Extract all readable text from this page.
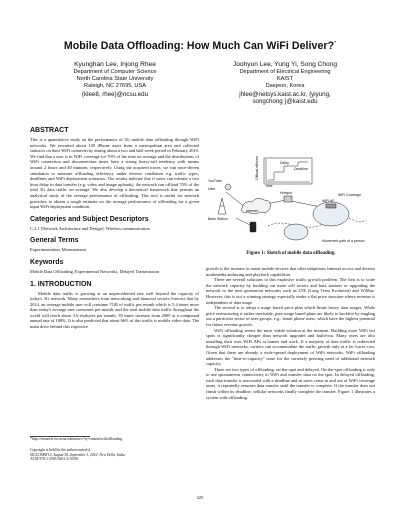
Mobile Data Offloading: How Much Can WiFi Deliver?*
Kyunghan Lee, Injong Rhee
Department of Computer Science
North Carolina State University
Raleigh, NC 27695, USA
{klee8, rhee}@ncsu.edu
Joohyun Lee, Yung Yi, Song Chong
Department of Electrical Engineering
KAIST
Daejeon, Korea
jhlee@netsys.kaist.ac.kr, {yiyung,
songchong }@kaist.edu
ABSTRACT
This is a quantitative study on the performance of 3G mobile data offloading through WiFi networks. We recruited about 100 iPhone users from a metropolitan area and collected statistics on their WiFi connectivity during about a two and half week period in February 2010. We find that a user is in WiFi coverage for 70% of the time on average and the distributions of WiFi connection and disconnection times have a strong heavy-tail tendency with means around 2 hours and 40 minutes, respectively. Using the acquired traces, we run trace-driven simulation to measure offloading efficiency under diverse conditions e.g. traffic types, deadlines and WiFi deployment scenarios. The results indicate that if users can tolerate a two hour delay in data transfer (e.g, video and image uploads), the network can offload 70% of the total 3G data traffic on average. We also develop a theoretical framework that permits an analytical study of the average performance of offloading. This tool is useful for network providers to obtain a rough estimate on the average performance of offloading for a given input WiFi deployment condition.
Categories and Subject Descriptors
C.2.1 [Network Architecture and Design]: Wireless communication
General Terms
Experimentation, Measurement
Keywords
Mobile Data Offloading, Experimental Networks, Delayed Transmission
1. INTRODUCTION
Mobile data traffic is growing at an unprecedented rate well beyond the capacity of today's 3G network. Many researchers from networking and financial sectors forecast that by 2014, an average mobile user will consume 7GB of traffic per month which is 5.4 times more than today's average user consumes per month, and the total mobile data traffic throughout the world will reach about 3.6 exabytes per month, 39 times increase from 2009 at a compound annual rate of 108%. It is also predicted that about 66% of this traffic is mobile video data. The main drive behind this explosive
*http://research.csc.ncsu.edu/netsrv/?q=content/wifioffloading
Copyright is held by the author/owner(s).
SIGCOMM'10, August 30–September 3, 2010, New Delhi, India.
ACM 978-1-4503-0201-2/10/08.
User
YouTube
Internet
Base Station
Hotspot
WiFi AP
Delay
Deadline
WiFi Coverage
Movement path of a person
time
Offload efficiency
Figure 1: Sketch of mobile data offloading.
growth is the increase in smart mobile devices that offer ubiquitous Internet access and diverse multimedia authoring and playback capabilities.
There are several solutions to this explosive traffic growth problem. The first is to scale the network capacity by building out more cell towers and base stations or upgrading the network to the next generation networks such as LTE (Long Term Evolution) and WiMax. However, this is not a winning strategy especially under a flat price structure where revenue is independent of data usage.
The second is to adopt a usage based price plan which limits heavy data usages. While price restructuring is rather inevitable, pure usage based plans are likely to backfire by singling out a particular sector of user groups, e.g., smart phone users, which have the highest potential for future revenue growth.
WiFi offloading seems the most viable solution at the moment. Building more WiFi hot spots is significantly cheaper than network upgrades and build-out. Many users are also installing their own WiFi APs at homes and work. If a majority of data traffic is redirected through WiFi networks, carriers can accommodate the traffic growth only at a far lower cost. Given that there are already a wide-spread deployment of WiFi networks, WiFi offloading addresses the "time-to-capacity" issue for the currently pressing need of additional network capacity.
There are two types of offloading: on-the-spot and delayed. On-the-spot offloading is only to use spontaneous connectivity to WiFi and transfer data on the spot. In delayed offloading, each data transfer is associated with a deadline and as users come in and out of WiFi coverage areas, it repeatedly resumes data transfer until the transfer is complete. If the transfer does not finish within its deadline, cellular networks finally complete the transfer. Figure 1 illustrates a system with offloading.
425
